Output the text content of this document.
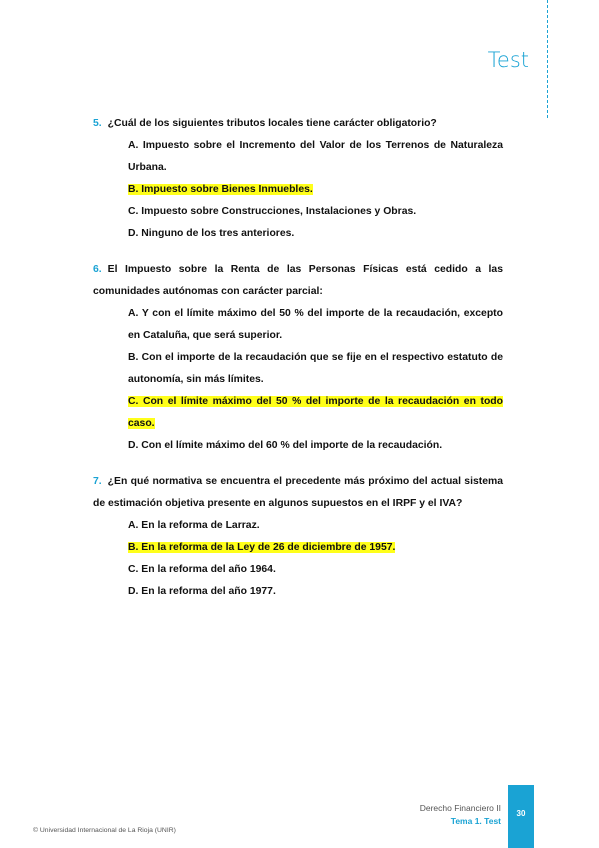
Test

5. ¿Cuál de los siguientes tributos locales tiene carácter obligatorio?

A. Impuesto sobre el Incremento del Valor de los Terrenos de Naturaleza Urbana.
B. Impuesto sobre Bienes Inmuebles.
C. Impuesto sobre Construcciones, Instalaciones y Obras.
D. Ninguno de los tres anteriores.

6. El Impuesto sobre la Renta de las Personas Físicas está cedido a las comunidades autónomas con carácter parcial:

A. Y con el límite máximo del 50 % del importe de la recaudación, excepto en Cataluña, que será superior.
B. Con el importe de la recaudación que se fije en el respectivo estatuto de autonomía, sin más límites.
C. Con el límite máximo del 50 % del importe de la recaudación en todo caso.
D. Con el límite máximo del 60 % del importe de la recaudación.

7. ¿En qué normativa se encuentra el precedente más próximo del actual sistema de estimación objetiva presente en algunos supuestos en el IRPF y el IVA?

A. En la reforma de Larraz.
B. En la reforma de la Ley de 26 de diciembre de 1957.
C. En la reforma del año 1964.
D. En la reforma del año 1977.
Derecho Financiero II
Tema 1. Test
30
© Universidad Internacional de La Rioja (UNIR)
